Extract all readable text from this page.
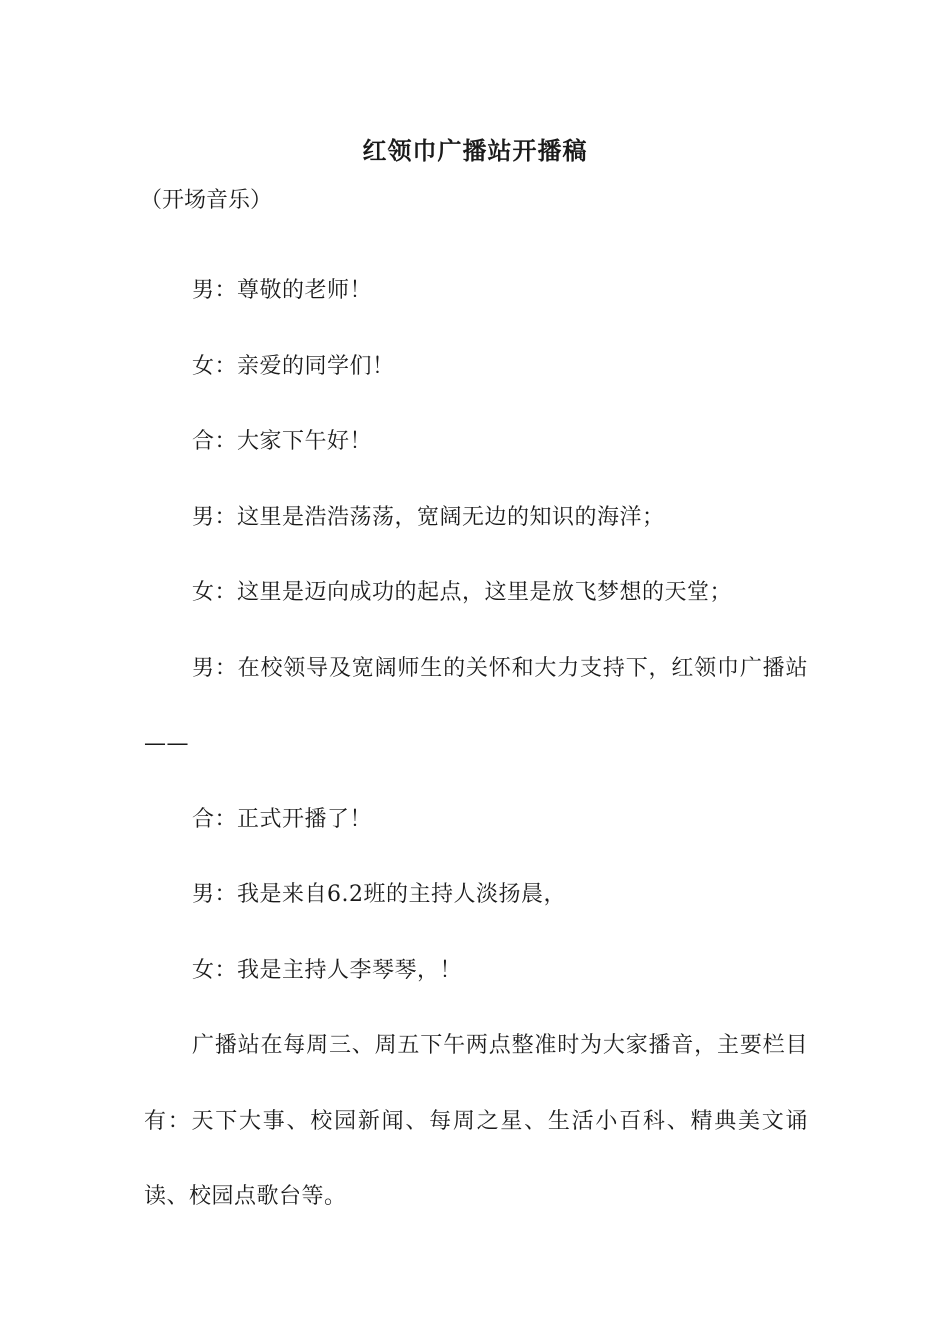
红领巾广播站开播稿
（开场音乐）

男：尊敬的老师！

女：亲爱的同学们！

合：大家下午好！

男：这里是浩浩荡荡，宽阔无边的知识的海洋；

女：这里是迈向成功的起点，这里是放飞梦想的天堂；

男：在校领导及宽阔师生的关怀和大力支持下，红领巾广播站——

合：正式开播了！

男：我是来自6.2班的主持人淡扬晨，

女：我是主持人李琴琴，！

广播站在每周三、周五下午两点整准时为大家播音，主要栏目有：天下大事、校园新闻、每周之星、生活小百科、精典美文诵读、校园点歌台等。
